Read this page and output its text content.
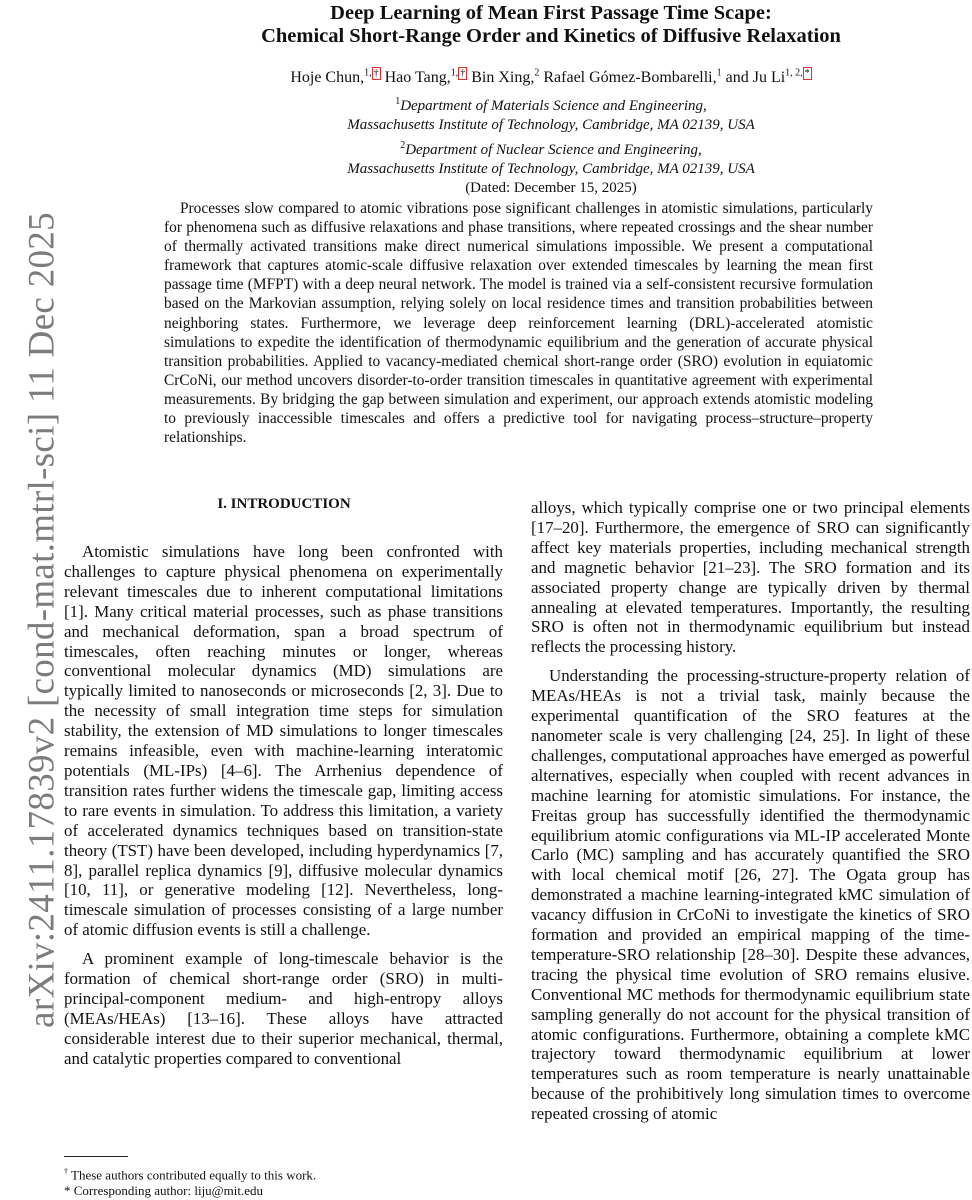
arXiv:2411.17839v2 [cond-mat.mtrl-sci] 11 Dec 2025
Deep Learning of Mean First Passage Time Scape:
Chemical Short-Range Order and Kinetics of Diffusive Relaxation
Hoje Chun,$^{1,}$ † Hao Tang,$^{1,}$ † Bin Xing,$^2$ Rafael Gómez-Bombarelli,$^1$ and Ju $Li^{1, 2,}$ *
$^1$Department of Materials Science and Engineering,
Massachusetts Institute of Technology, Cambridge, MA 02139, USA
$^2$Department of Nuclear Science and Engineering,
Massachusetts Institute of Technology, Cambridge, MA 02139, USA
(Dated: December 15, 2025)
Processes slow compared to atomic vibrations pose significant challenges in atomistic simulations, particularly for phenomena such as diffusive relaxations and phase transitions, where repeated crossings and the shear number of thermally activated transitions make direct numerical simulations impossible. We present a computational framework that captures atomic-scale diffusive relaxation over extended timescales by learning the mean first passage time (MFPT) with a deep neural network. The model is trained via a self-consistent recursive formulation based on the Markovian assumption, relying solely on local residence times and transition probabilities between neighboring states. Furthermore, we leverage deep reinforcement learning (DRL)-accelerated atomistic simulations to expedite the identification of thermodynamic equilibrium and the generation of accurate physical transition probabilities. Applied to vacancy-mediated chemical short-range order (SRO) evolution in equiatomic CrCoNi, our method uncovers disorder-to-order transition timescales in quantitative agreement with experimental measurements. By bridging the gap between simulation and experiment, our approach extends atomistic modeling to previously inaccessible timescales and offers a predictive tool for navigating process–structure–property relationships.
I. INTRODUCTION

Atomistic simulations have long been confronted with challenges to capture physical phenomena on experimentally relevant timescales due to inherent computational limitations [1]. Many critical material processes, such as phase transitions and mechanical deformation, span a broad spectrum of timescales, often reaching minutes or longer, whereas conventional molecular dynamics (MD) simulations are typically limited to nanoseconds or microseconds [2, 3]. Due to the necessity of small integration time steps for simulation stability, the extension of MD simulations to longer timescales remains infeasible, even with machine-learning interatomic potentials (ML-IPs) [4–6]. The Arrhenius dependence of transition rates further widens the timescale gap, limiting access to rare events in simulation. To address this limitation, a variety of accelerated dynamics techniques based on transition-state theory (TST) have been developed, including hyperdynamics [7, 8], parallel replica dynamics [9], diffusive molecular dynamics [10, 11], or generative modeling [12]. Nevertheless, long-timescale simulation of processes consisting of a large number of atomic diffusion events is still a challenge.

A prominent example of long-timescale behavior is the formation of chemical short-range order (SRO) in multi-principal-component medium- and high-entropy alloys (MEAs/HEAs) [13–16]. These alloys have attracted considerable interest due to their superior mechanical, thermal, and catalytic properties compared to conventional

† These authors contributed equally to this work.

* Corresponding author: liju@mit.edu

alloys, which typically comprise one or two principal elements [17–20]. Furthermore, the emergence of SRO can significantly affect key materials properties, including mechanical strength and magnetic behavior [21–23]. The SRO formation and its associated property change are typically driven by thermal annealing at elevated temperatures. Importantly, the resulting SRO is often not in thermodynamic equilibrium but instead reflects the processing history.

Understanding the processing-structure-property relation of MEAs/HEAs is not a trivial task, mainly because the experimental quantification of the SRO features at the nanometer scale is very challenging [24, 25]. In light of these challenges, computational approaches have emerged as powerful alternatives, especially when coupled with recent advances in machine learning for atomistic simulations. For instance, the Freitas group has successfully identified the thermodynamic equilibrium atomic configurations via ML-IP accelerated Monte Carlo (MC) sampling and has accurately quantified the SRO with local chemical motif [26, 27]. The Ogata group has demonstrated a machine learning-integrated kMC simulation of vacancy diffusion in CrCoNi to investigate the kinetics of SRO formation and provided an empirical mapping of the time-temperature-SRO relationship [28–30]. Despite these advances, tracing the physical time evolution of SRO remains elusive. Conventional MC methods for thermodynamic equilibrium state sampling generally do not account for the physical transition of atomic configurations. Furthermore, obtaining a complete kMC trajectory toward thermodynamic equilibrium at lower temperatures such as room temperature is nearly unattainable because of the prohibitively long simulation times to overcome repeated crossing of atomic
